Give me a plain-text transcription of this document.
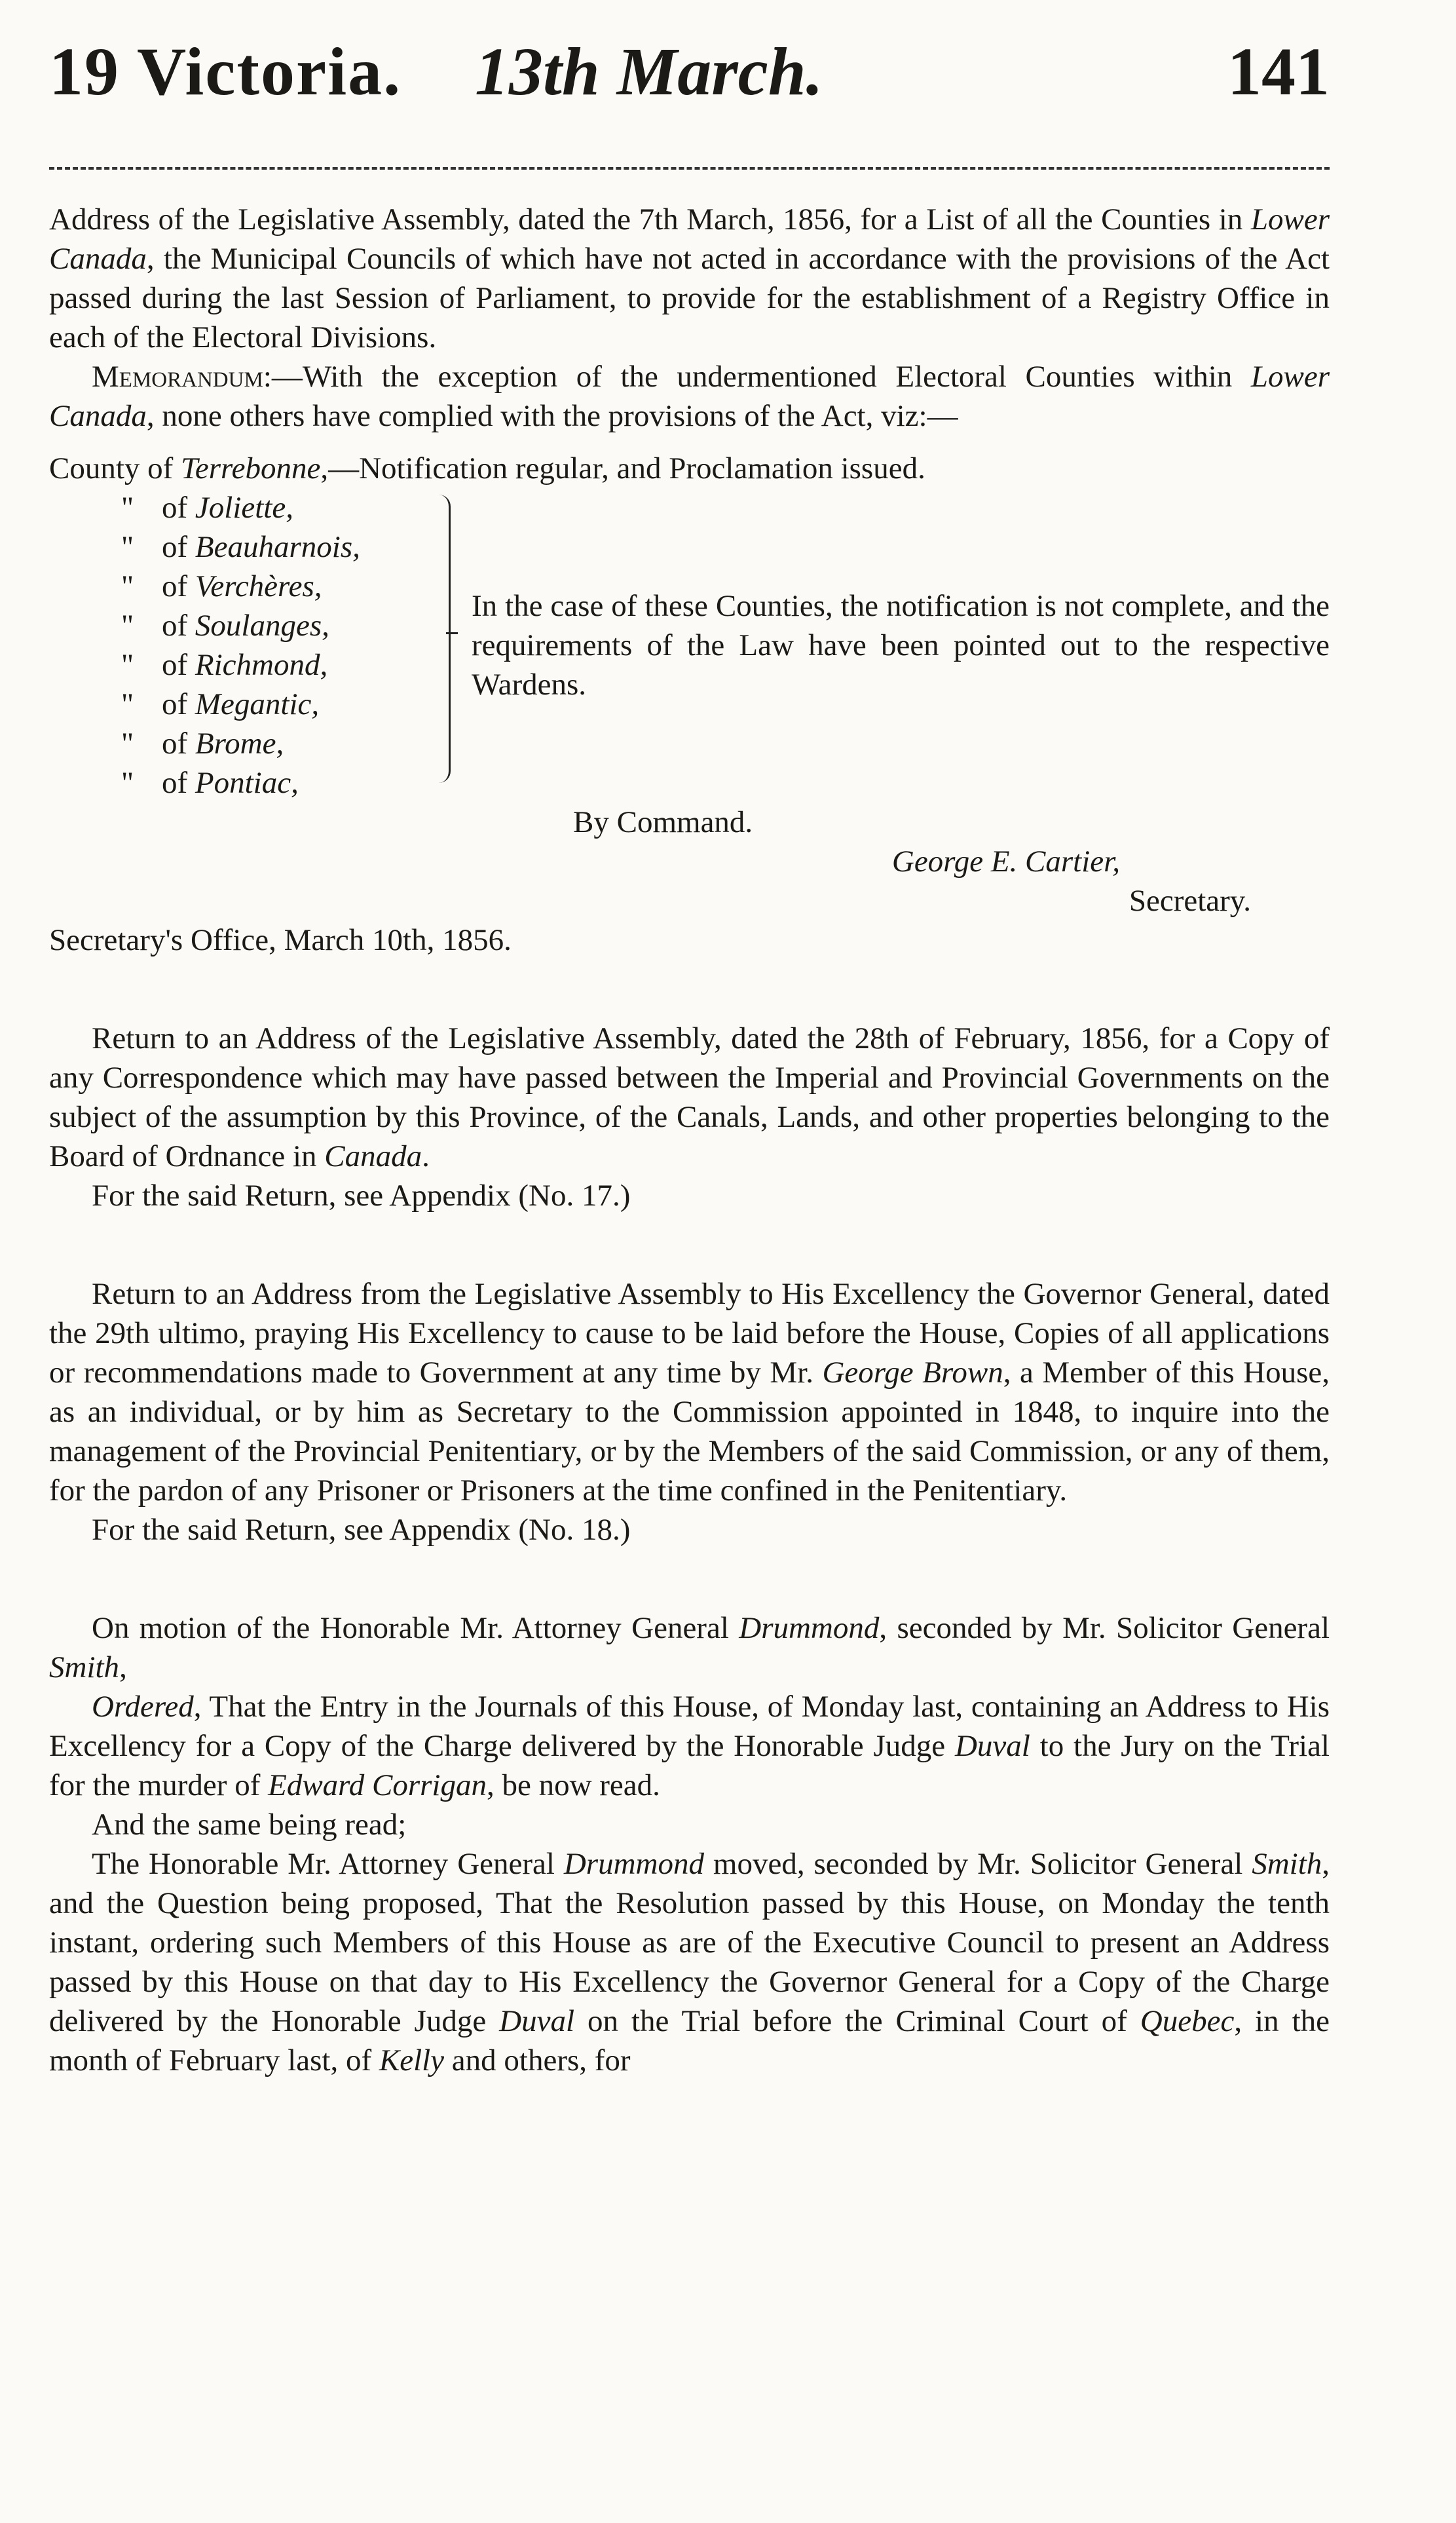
19 Victoria. 13th March.	141

Address of the Legislative Assembly, dated the 7th March, 1856, for a List of all the Counties in Lower Canada, the Municipal Councils of which have not acted in accordance with the provisions of the Act passed during the last Session of Parliament, to provide for the establishment of a Registry Office in each of the Electoral Divisions.

Memorandum:—With the exception of the undermentioned Electoral Counties within Lower Canada, none others have complied with the provisions of the Act, viz:—

County of Terrebonne,—Notification regular, and Proclamation issued.

" of Joliette,
" of Beauharnois,
" of Verchères,
" of Soulanges,
" of Richmond,
" of Megantic,
" of Brome,
" of Pontiac,

In the case of these Counties, the notification is not complete, and the requirements of the Law have been pointed out to the respective Wardens.

By Command.

George E. Cartier,

Secretary.

Secretary's Office, March 10th, 1856.

Return to an Address of the Legislative Assembly, dated the 28th of February, 1856, for a Copy of any Correspondence which may have passed between the Imperial and Provincial Governments on the subject of the assumption by this Province, of the Canals, Lands, and other properties belonging to the Board of Ordnance in Canada.

For the said Return, see Appendix (No. 17.)

Return to an Address from the Legislative Assembly to His Excellency the Governor General, dated the 29th ultimo, praying His Excellency to cause to be laid before the House, Copies of all applications or recommendations made to Government at any time by Mr. George Brown, a Member of this House, as an individual, or by him as Secretary to the Commission appointed in 1848, to inquire into the management of the Provincial Penitentiary, or by the Members of the said Commission, or any of them, for the pardon of any Prisoner or Prisoners at the time confined in the Penitentiary.

For the said Return, see Appendix (No. 18.)

On motion of the Honorable Mr. Attorney General Drummond, seconded by Mr. Solicitor General Smith,

Ordered, That the Entry in the Journals of this House, of Monday last, containing an Address to His Excellency for a Copy of the Charge delivered by the Honorable Judge Duval to the Jury on the Trial for the murder of Edward Corrigan, be now read.

And the same being read;

The Honorable Mr. Attorney General Drummond moved, seconded by Mr. Solicitor General Smith, and the Question being proposed, That the Resolution passed by this House, on Monday the tenth instant, ordering such Members of this House as are of the Executive Council to present an Address passed by this House on that day to His Excellency the Governor General for a Copy of the Charge delivered by the Honorable Judge Duval on the Trial before the Criminal Court of Quebec, in the month of February last, of Kelly and others, for
